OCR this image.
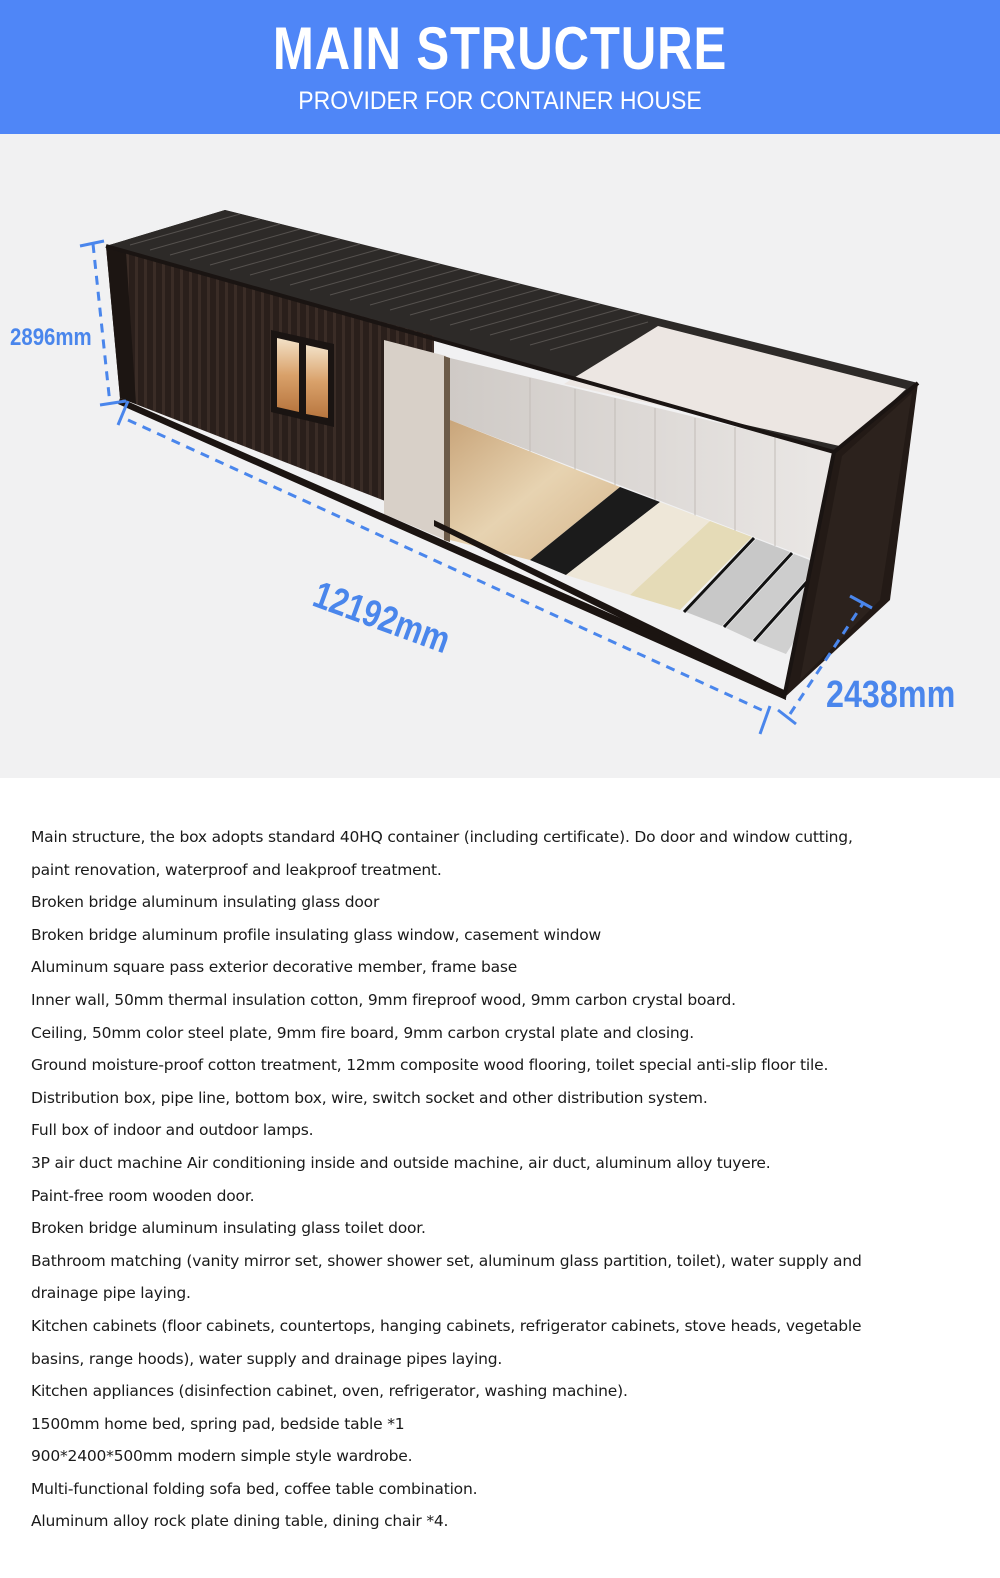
MAIN STRUCTURE
PROVIDER FOR CONTAINER HOUSE
2896mm
12192mm
2438mm
Main structure, the box adopts standard 40HQ container (including certificate). Do door and window cutting,
paint renovation, waterproof and leakproof treatment.
Broken bridge aluminum insulating glass door
Broken bridge aluminum profile insulating glass window, casement window
Aluminum square pass exterior decorative member, frame base
Inner wall, 50mm thermal insulation cotton, 9mm fireproof wood, 9mm carbon crystal board.
Ceiling, 50mm color steel plate, 9mm fire board, 9mm carbon crystal plate and closing.
Ground moisture-proof cotton treatment, 12mm composite wood flooring, toilet special anti-slip floor tile.
Distribution box, pipe line, bottom box, wire, switch socket and other distribution system.
Full box of indoor and outdoor lamps.
3P air duct machine Air conditioning inside and outside machine, air duct, aluminum alloy tuyere.
Paint-free room wooden door.
Broken bridge aluminum insulating glass toilet door.
Bathroom matching (vanity mirror set, shower shower set, aluminum glass partition, toilet), water supply and
drainage pipe laying.
Kitchen cabinets (floor cabinets, countertops, hanging cabinets, refrigerator cabinets, stove heads, vegetable
basins, range hoods), water supply and drainage pipes laying.
Kitchen appliances (disinfection cabinet, oven, refrigerator, washing machine).
1500mm home bed, spring pad, bedside table *1
900*2400*500mm modern simple style wardrobe.
Multi-functional folding sofa bed, coffee table combination.
Aluminum alloy rock plate dining table, dining chair *4.
